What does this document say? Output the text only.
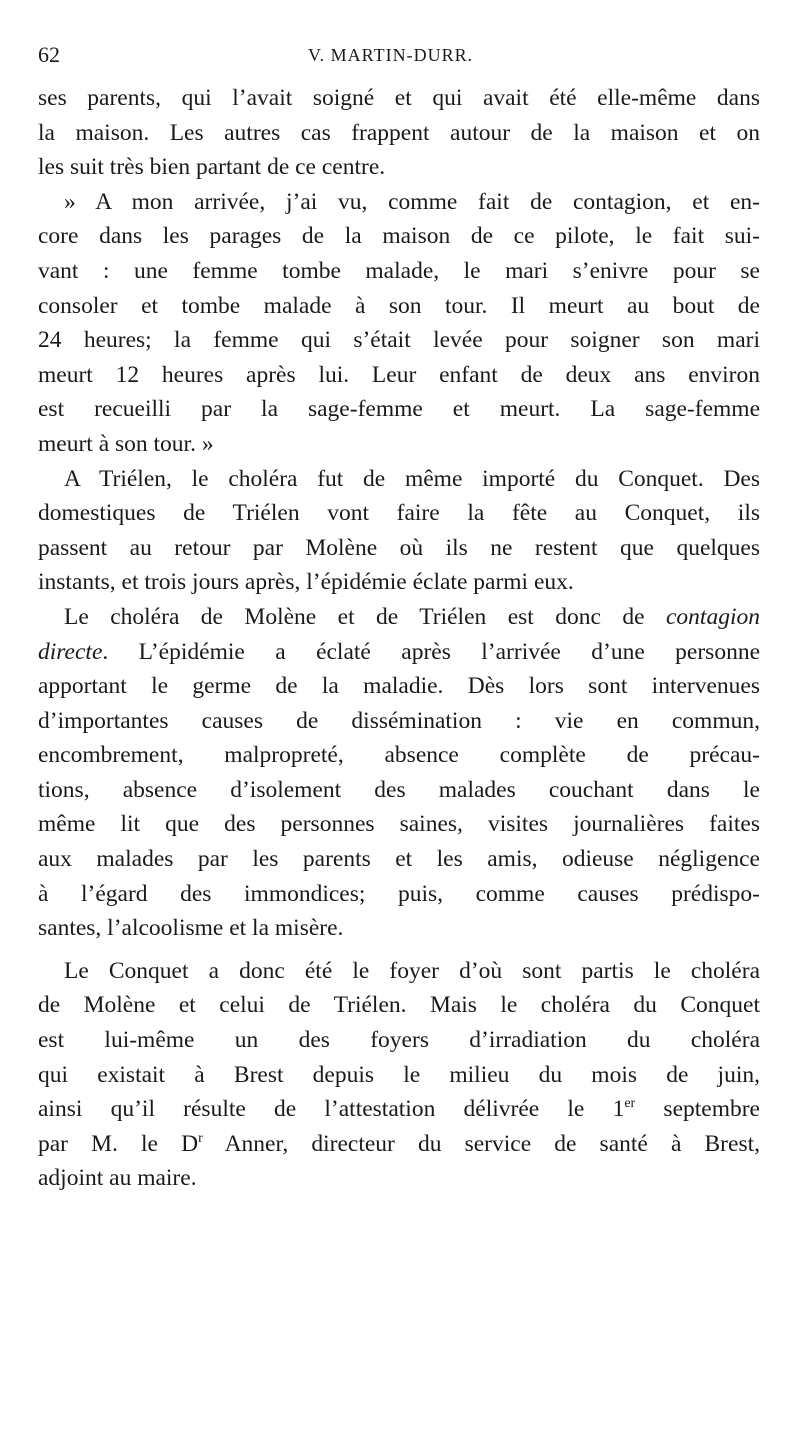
62	V. MARTIN-DURR.
ses parents, qui l’avait soigné et qui avait été elle-même dans
la maison. Les autres cas frappent autour de la maison et on
les suit très bien partant de ce centre.
» A mon arrivée, j’ai vu, comme fait de contagion, et en-
core dans les parages de la maison de ce pilote, le fait sui-
vant : une femme tombe malade, le mari s’enivre pour se
consoler et tombe malade à son tour. Il meurt au bout de
24 heures; la femme qui s’était levée pour soigner son mari
meurt 12 heures après lui. Leur enfant de deux ans environ
est recueilli par la sage-femme et meurt. La sage-femme
meurt à son tour. »
A Triélen, le choléra fut de même importé du Conquet. Des
domestiques de Triélen vont faire la fête au Conquet, ils
passent au retour par Molène où ils ne restent que quelques
instants, et trois jours après, l’épidémie éclate parmi eux.
Le choléra de Molène et de Triélen est donc de contagion
directe. L’épidémie a éclaté après l’arrivée d’une personne
apportant le germe de la maladie. Dès lors sont intervenues
d’importantes causes de dissémination : vie en commun,
encombrement, malpropreté, absence complète de précau-
tions, absence d’isolement des malades couchant dans le
même lit que des personnes saines, visites journalières faites
aux malades par les parents et les amis, odieuse négligence
à l’égard des immondices; puis, comme causes prédispo-
santes, l’alcoolisme et la misère.
Le Conquet a donc été le foyer d’où sont partis le choléra
de Molène et celui de Triélen. Mais le choléra du Conquet
est lui-même un des foyers d’irradiation du choléra
qui existait à Brest depuis le milieu du mois de juin,
ainsi qu’il résulte de l’attestation délivrée le 1er septembre
par M. le $D^r$ Anner, directeur du service de santé à Brest,
adjoint au maire.
